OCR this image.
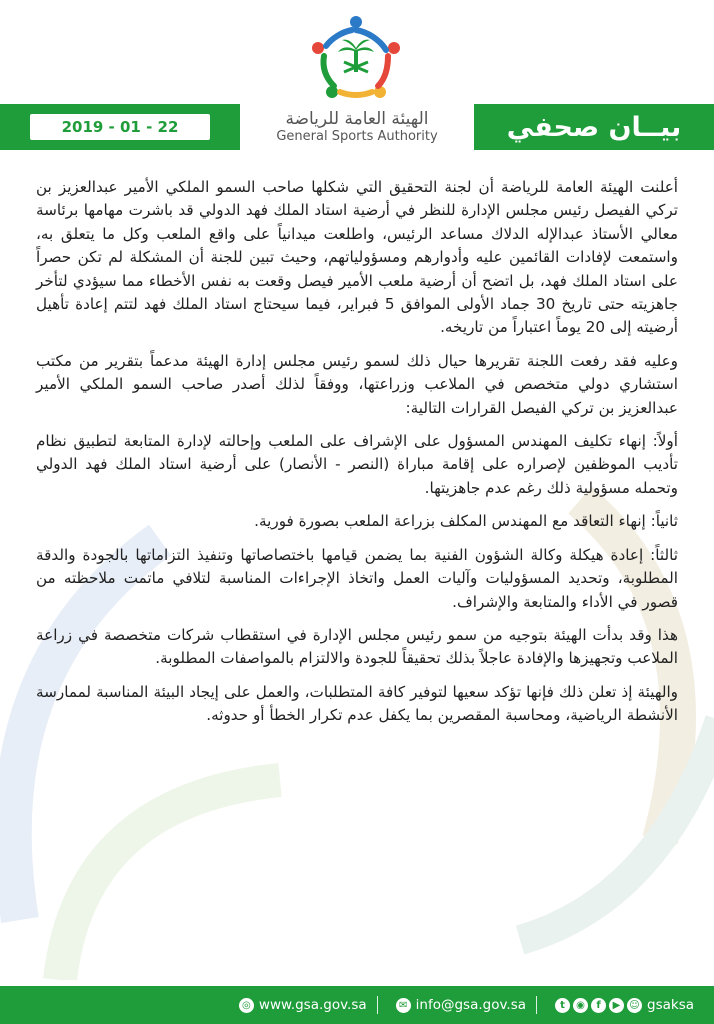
2019 - 01 - 22	الهيئة العامة للرياضة
General Sports Authority	بيــان صحفي

أعلنت الهيئة العامة للرياضة أن لجنة التحقيق التي شكلها صاحب السمو الملكي الأمير عبدالعزيز بن تركي الفيصل رئيس مجلس الإدارة للنظر في أرضية استاد الملك فهد الدولي قد باشرت مهامها برئاسة معالي الأستاذ عبدالإله الدلاك مساعد الرئيس، واطلعت ميدانياً على واقع الملعب وكل ما يتعلق به، واستمعت لإفادات القائمين عليه وأدوارهم ومسؤولياتهم، وحيث تبين للجنة أن المشكلة لم تكن حصراً على استاد الملك فهد، بل اتضح أن أرضية ملعب الأمير فيصل وقعت به نفس الأخطاء مما سيؤدي لتأخر جاهزيته حتى تاريخ 30 جماد الأولى الموافق 5 فبراير، فيما سيحتاج استاد الملك فهد لتتم إعادة تأهيل أرضيته إلى 20 يوماً اعتباراً من تاريخه.

وعليه فقد رفعت اللجنة تقريرها حيال ذلك لسمو رئيس مجلس إدارة الهيئة مدعماً بتقرير من مكتب استشاري دولي متخصص في الملاعب وزراعتها، ووفقاً لذلك أصدر صاحب السمو الملكي الأمير عبدالعزيز بن تركي الفيصل القرارات التالية:

أولاً: إنهاء تكليف المهندس المسؤول على الإشراف على الملعب وإحالته لإدارة المتابعة لتطبيق نظام تأديب الموظفين لإصراره على إقامة مباراة (النصر - الأنصار) على أرضية استاد الملك فهد الدولي وتحمله مسؤولية ذلك رغم عدم جاهزيتها.

ثانياً: إنهاء التعاقد مع المهندس المكلف بزراعة الملعب بصورة فورية.

ثالثاً: إعادة هيكلة وكالة الشؤون الفنية بما يضمن قيامها باختصاصاتها وتنفيذ التزاماتها بالجودة والدقة المطلوبة، وتحديد المسؤوليات وآليات العمل واتخاذ الإجراءات المناسبة لتلافي ماتمت ملاحظته من قصور في الأداء والمتابعة والإشراف.

هذا وقد بدأت الهيئة بتوجيه من سمو رئيس مجلس الإدارة في استقطاب شركات متخصصة في زراعة الملاعب وتجهيزها والإفادة عاجلاً بذلك تحقيقاً للجودة والالتزام بالمواصفات المطلوبة.

والهيئة إذ تعلن ذلك فإنها تؤكد سعيها لتوفير كافة المتطلبات، والعمل على إيجاد البيئة المناسبة لممارسة الأنشطة الرياضية، ومحاسبة المقصرين بما يكفل عدم تكرار الخطأ أو حدوثه.

◎ www.gsa.gov.sa	✉ info@gsa.gov.sa	t	◉	f	▶ ☺ gsaksa
